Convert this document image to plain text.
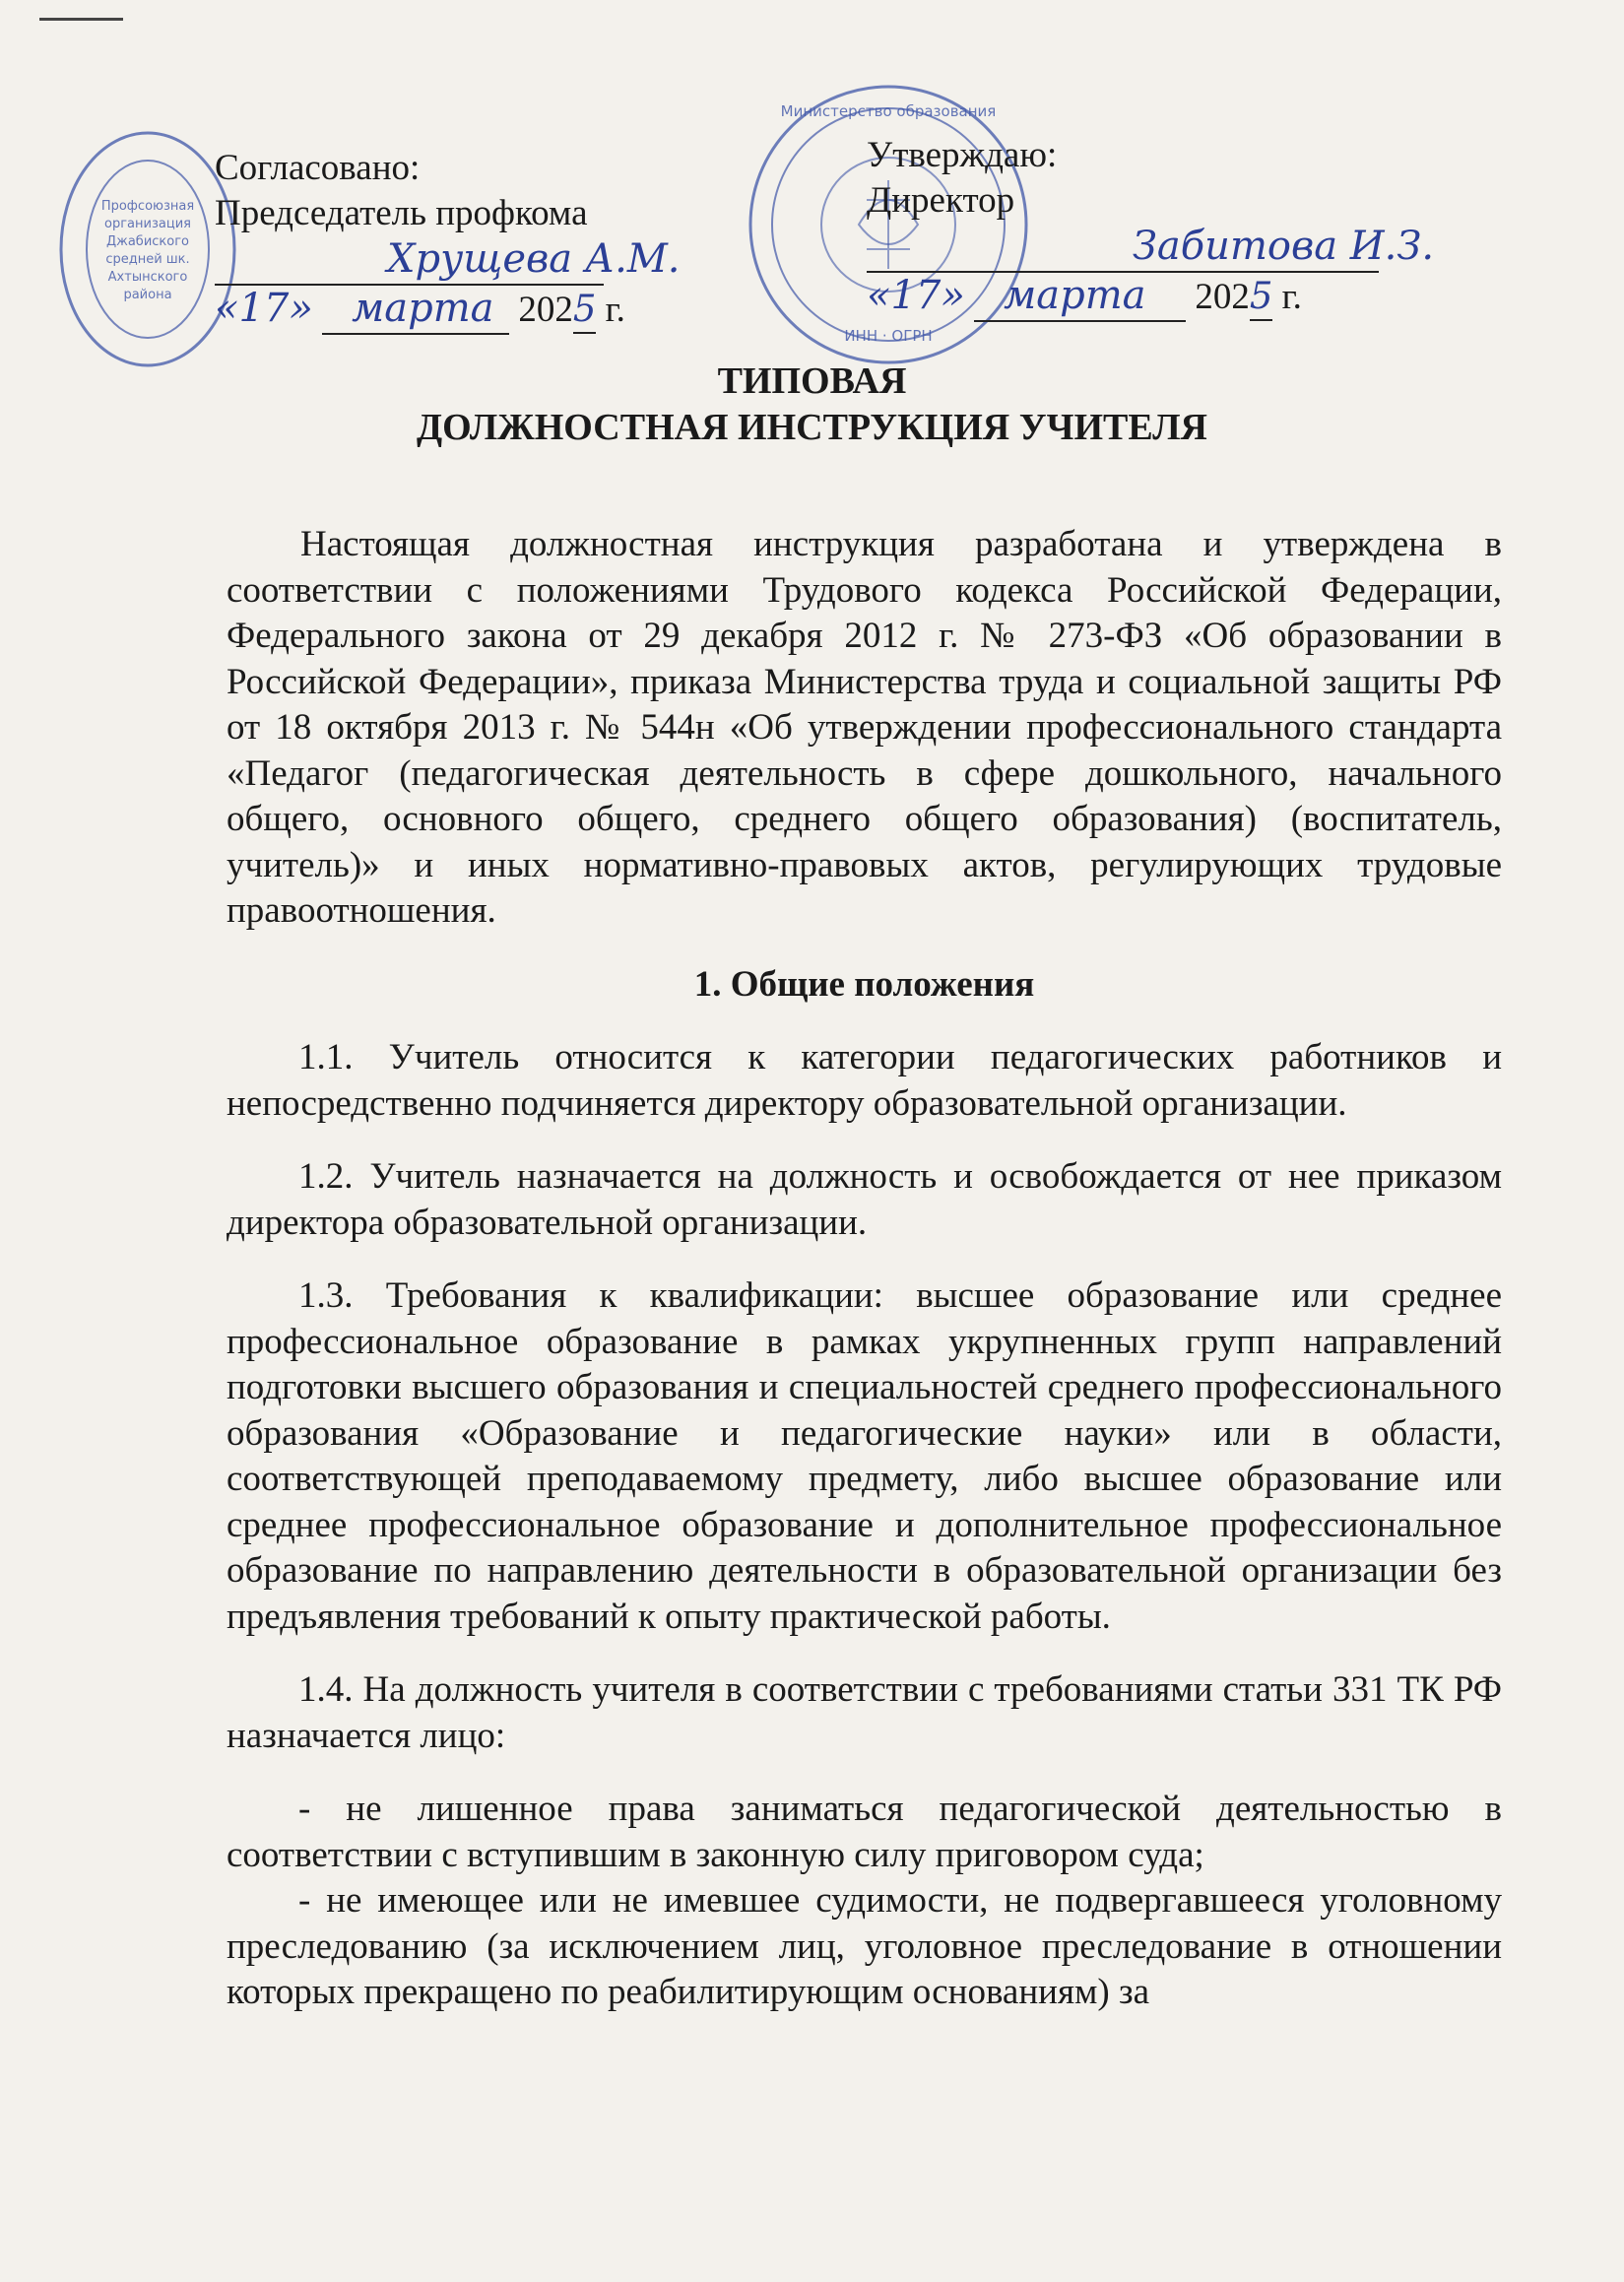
Профсоюзная
организация
Джабиского
средней шк.
Ахтынского
района
Министерство образования
ИНН · ОГРН
Согласовано:
Председатель профкома
Хрущева А.М.
«17» марта 2025 г.
Утверждаю:
Директор
Забитова И.З.
«17» марта 2025 г.
ТИПОВАЯ
ДОЛЖНОСТНАЯ ИНСТРУКЦИЯ УЧИТЕЛЯ

Настоящая должностная инструкция разработана и утверждена в соответствии с положениями Трудового кодекса Российской Федерации, Федерального закона от 29 декабря 2012 г. № 273-ФЗ «Об образовании в Российской Федерации», приказа Министерства труда и социальной защиты РФ от 18 октября 2013 г. № 544н «Об утверждении профессионального стандарта «Педагог (педагогическая деятельность в сфере дошкольного, начального общего, основного общего, среднего общего образования) (воспитатель, учитель)» и иных нормативно-правовых актов, регулирующих трудовые правоотношения.

1. Общие положения

1.1. Учитель относится к категории педагогических работников и непосредственно подчиняется директору образовательной организации.

1.2. Учитель назначается на должность и освобождается от нее приказом директора образовательной организации.

1.3. Требования к квалификации: высшее образование или среднее профессиональное образование в рамках укрупненных групп направлений подготовки высшего образования и специальностей среднего профессионального образования «Образование и педагогические науки» или в области, соответствующей преподаваемому предмету, либо высшее образование или среднее профессиональное образование и дополнительное профессиональное образование по направлению деятельности в образовательной организации без предъявления требований к опыту практической работы.

1.4. На должность учителя в соответствии с требованиями статьи 331 ТК РФ назначается лицо:

- не лишенное права заниматься педагогической деятельностью в соответствии с вступившим в законную силу приговором суда;

- не имеющее или не имевшее судимости, не подвергавшееся уголовному преследованию (за исключением лиц, уголовное преследование в отношении которых прекращено по реабилитирующим основаниям) за
